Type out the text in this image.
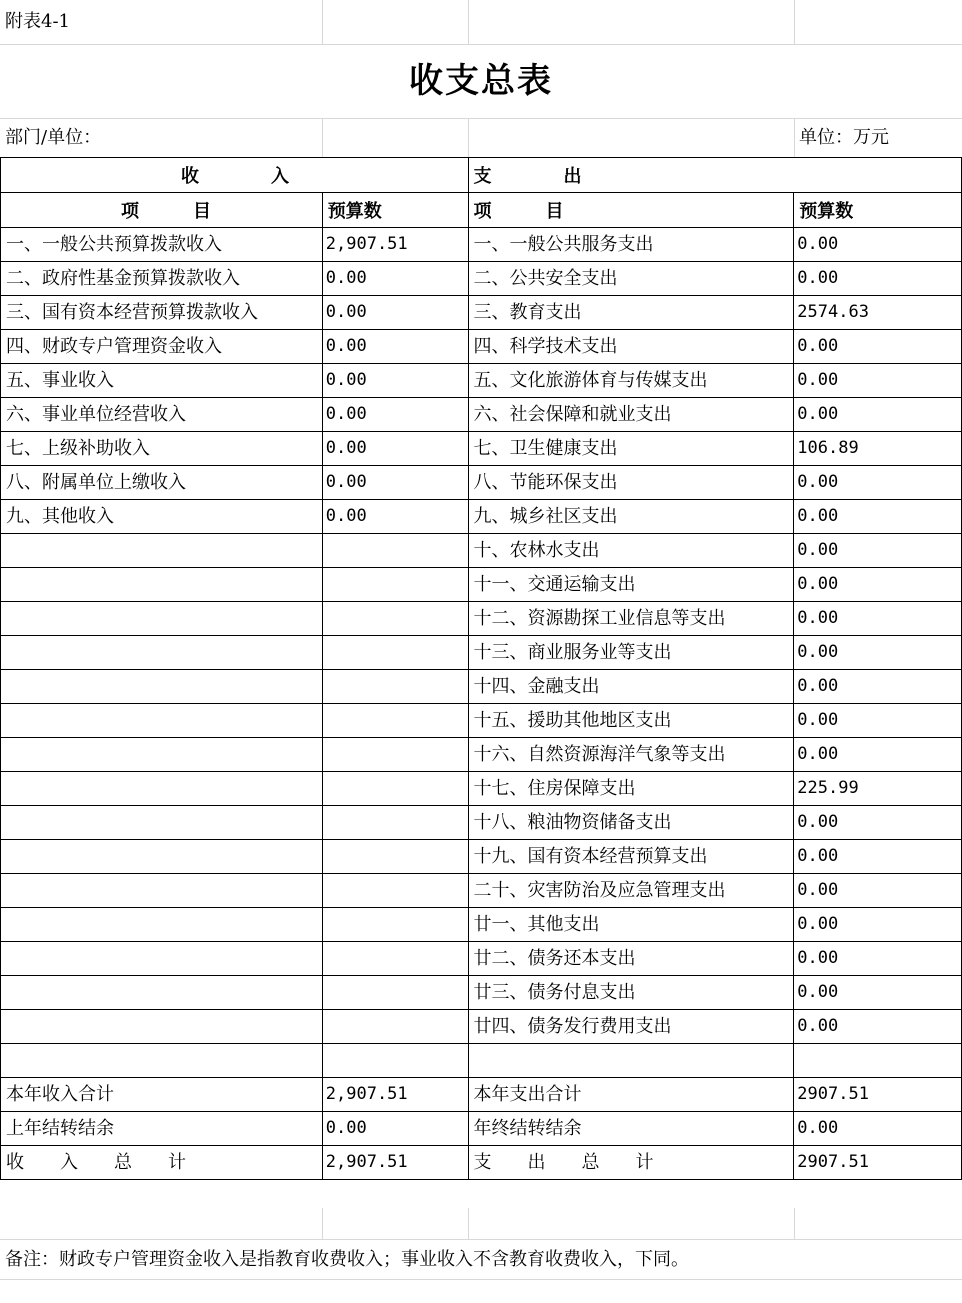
附表4-1
收支总表
部门/单位：	单位：万元
收　　　　入		支　　　　出	
项　　　目	预算数	项　　　目	预算数
一、一般公共预算拨款收入	2,907.51	一、一般公共服务支出	0.00
二、政府性基金预算拨款收入	0.00	二、公共安全支出	0.00
三、国有资本经营预算拨款收入	0.00	三、教育支出	2574.63
四、财政专户管理资金收入	0.00	四、科学技术支出	0.00
五、事业收入	0.00	五、文化旅游体育与传媒支出	0.00
六、事业单位经营收入	0.00	六、社会保障和就业支出	0.00
七、上级补助收入	0.00	七、卫生健康支出	106.89
八、附属单位上缴收入	0.00	八、节能环保支出	0.00
九、其他收入	0.00	九、城乡社区支出	0.00
		十、农林水支出	0.00
		十一、交通运输支出	0.00
		十二、资源勘探工业信息等支出	0.00
		十三、商业服务业等支出	0.00
		十四、金融支出	0.00
		十五、援助其他地区支出	0.00
		十六、自然资源海洋气象等支出	0.00
		十七、住房保障支出	225.99
		十八、粮油物资储备支出	0.00
		十九、国有资本经营预算支出	0.00
		二十、灾害防治及应急管理支出	0.00
		廿一、其他支出	0.00
		廿二、债务还本支出	0.00
		廿三、债务付息支出	0.00
		廿四、债务发行费用支出	0.00

本年收入合计	2,907.51	本年支出合计	2907.51
上年结转结余	0.00	年终结转结余	0.00
收　　入　　总　　计	2,907.51	支　　出　　总　　计	2907.51
备注：财政专户管理资金收入是指教育收费收入；事业收入不含教育收费收入，下同。
